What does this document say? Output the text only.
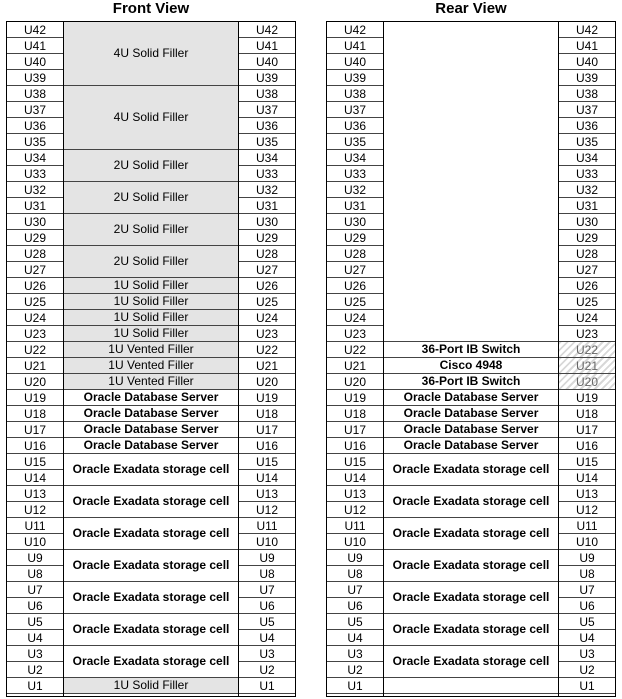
Front View
U42
U41
U40
U39
U38
U37
U36
U35
U34
U33
U32
U31
U30
U29
U28
U27
U26
U25
U24
U23
U22
U21
U20
U19
U18
U17
U16
U15
U14
U13
U12
U11
U10
U9
U8
U7
U6
U5
U4
U3
U2
U1
U42
U41
U40
U39
U38
U37
U36
U35
U34
U33
U32
U31
U30
U29
U28
U27
U26
U25
U24
U23
U22
U21
U20
U19
U18
U17
U16
U15
U14
U13
U12
U11
U10
U9
U8
U7
U6
U5
U4
U3
U2
U1
4U Solid Filler
4U Solid Filler
2U Solid Filler
2U Solid Filler
2U Solid Filler
2U Solid Filler
1U Solid Filler
1U Solid Filler
1U Solid Filler
1U Solid Filler
1U Vented Filler
1U Vented Filler
1U Vented Filler
Oracle Database Server
Oracle Database Server
Oracle Database Server
Oracle Database Server
Oracle Exadata storage cell
Oracle Exadata storage cell
Oracle Exadata storage cell
Oracle Exadata storage cell
Oracle Exadata storage cell
Oracle Exadata storage cell
Oracle Exadata storage cell
1U Solid Filler
Rear View
U42
U41
U40
U39
U38
U37
U36
U35
U34
U33
U32
U31
U30
U29
U28
U27
U26
U25
U24
U23
U22
U21
U20
U19
U18
U17
U16
U15
U14
U13
U12
U11
U10
U9
U8
U7
U6
U5
U4
U3
U2
U1
U42
U41
U40
U39
U38
U37
U36
U35
U34
U33
U32
U31
U30
U29
U28
U27
U26
U25
U24
U23
U22
U21
U20
U19
U18
U17
U16
U15
U14
U13
U12
U11
U10
U9
U8
U7
U6
U5
U4
U3
U2
U1
36-Port IB Switch
Cisco 4948
36-Port IB Switch
Oracle Database Server
Oracle Database Server
Oracle Database Server
Oracle Database Server
Oracle Exadata storage cell
Oracle Exadata storage cell
Oracle Exadata storage cell
Oracle Exadata storage cell
Oracle Exadata storage cell
Oracle Exadata storage cell
Oracle Exadata storage cell
